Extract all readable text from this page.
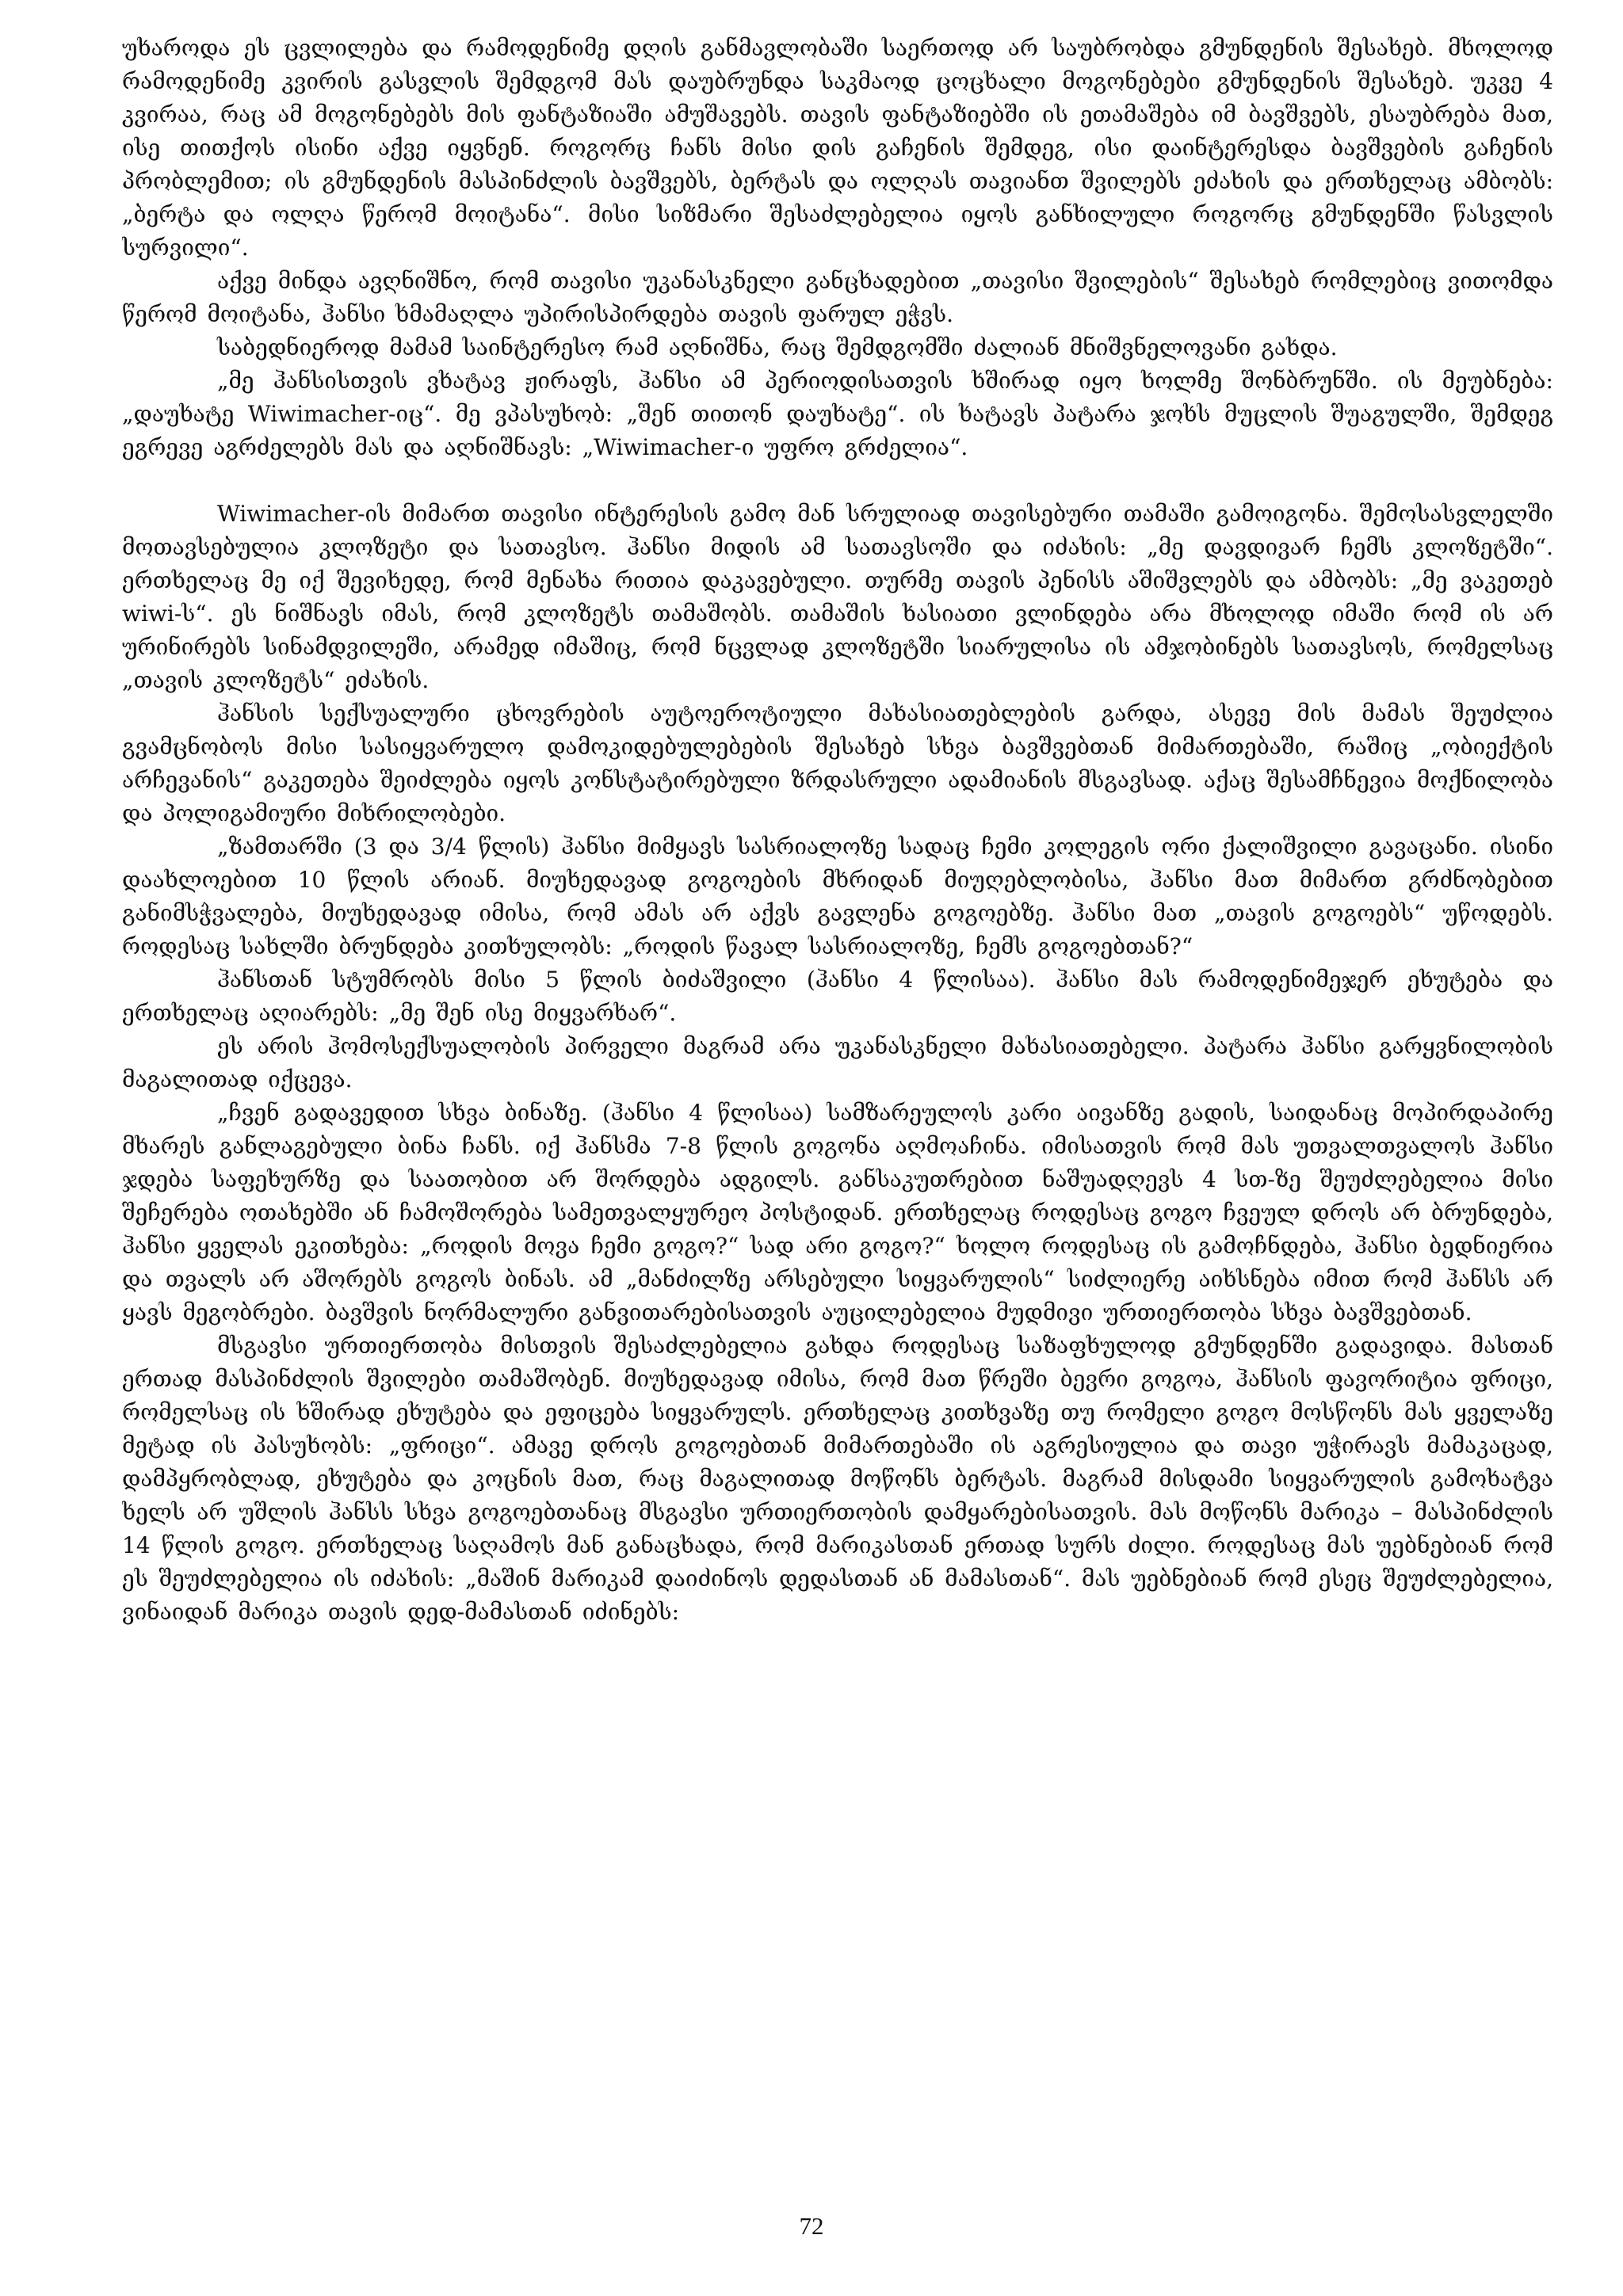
უხაროდა ეს ცვლილება და რამოდენიმე დღის განმავლობაში საერთოდ არ საუბრობდა გმუნდენის შესახებ. მხოლოდ რამოდენიმე კვირის გასვლის შემდგომ მას დაუბრუნდა საკმაოდ ცოცხალი მოგონებები გმუნდენის შესახებ. უკვე 4 კვირაა, რაც ამ მოგონებებს მის ფანტაზიაში ამუშავებს. თავის ფანტაზიებში ის ეთამაშება იმ ბავშვებს, ესაუბრება მათ, ისე თითქოს ისინი აქვე იყვნენ. როგორც ჩანს მისი დის გაჩენის შემდეგ, ისი დაინტერესდა ბავშვების გაჩენის პრობლემით; ის გმუნდენის მასპინძლის ბავშვებს, ბერტას და ოლღას თავიანთ შვილებს ეძახის და ერთხელაც ამბობს: „ბერტა და ოლღა წერომ მოიტანა“. მისი სიზმარი შესაძლებელია იყოს განხილული როგორც გმუნდენში წასვლის სურვილი“.

აქვე მინდა ავღნიშნო, რომ თავისი უკანასკნელი განცხადებით „თავისი შვილების“ შესახებ რომლებიც ვითომდა წერომ მოიტანა, ჰანსი ხმამაღლა უპირისპირდება თავის ფარულ ეჭვს.

საბედნიეროდ მამამ საინტერესო რამ აღნიშნა, რაც შემდგომში ძალიან მნიშვნელოვანი გახდა.

„მე ჰანსისთვის ვხატავ ჟირაფს, ჰანსი ამ პერიოდისათვის ხშირად იყო ხოლმე შონბრუნში. ის მეუბნება: „დაუხატე Wiwimacher-იც“. მე ვპასუხობ: „შენ თითონ დაუხატე“. ის ხატავს პატარა ჯოხს მუცლის შუაგულში, შემდეგ ეგრევე აგრძელებს მას და აღნიშნავს: „Wiwimacher-ი უფრო გრძელია“.

Wiwimacher-ის მიმართ თავისი ინტერესის გამო მან სრულიად თავისებური თამაში გამოიგონა. შემოსასვლელში მოთავსებულია კლოზეტი და სათავსო. ჰანსი მიდის ამ სათავსოში და იძახის: „მე დავდივარ ჩემს კლოზეტში“. ერთხელაც მე იქ შევიხედე, რომ მენახა რითია დაკავებული. თურმე თავის პენისს აშიშვლებს და ამბობს: „მე ვაკეთებ wiwi-ს“. ეს ნიშნავს იმას, რომ კლოზეტს თამაშობს. თამაშის ხასიათი ვლინდება არა მხოლოდ იმაში რომ ის არ ურინირებს სინამდვილეში, არამედ იმაშიც, რომ ნცვლად კლოზეტში სიარულისა ის ამჯობინებს სათავსოს, რომელსაც „თავის კლოზეტს“ ეძახის.

ჰანსის სექსუალური ცხოვრების აუტოეროტიული მახასიათებლების გარდა, ასევე მის მამას შეუძლია გვამცნობოს მისი სასიყვარულო დამოკიდებულებების შესახებ სხვა ბავშვებთან მიმართებაში, რაშიც „ობიექტის არჩევანის“ გაკეთება შეიძლება იყოს კონსტატირებული ზრდასრული ადამიანის მსგავსად. აქაც შესამჩნევია მოქნილობა და პოლიგამიური მიხრილობები.

„ზამთარში (3 და 3/4 წლის) ჰანსი მიმყავს სასრიალოზე სადაც ჩემი კოლეგის ორი ქალიშვილი გავაცანი. ისინი დაახლოებით 10 წლის არიან. მიუხედავად გოგოების მხრიდან მიუღებლობისა, ჰანსი მათ მიმართ გრძნობებით განიმსჭვალება, მიუხედავად იმისა, რომ ამას არ აქვს გავლენა გოგოებზე. ჰანსი მათ „თავის გოგოებს“ უწოდებს. როდესაც სახლში ბრუნდება კითხულობს: „როდის წავალ სასრიალოზე, ჩემს გოგოებთან?“

ჰანსთან სტუმრობს მისი 5 წლის ბიძაშვილი (ჰანსი 4 წლისაა). ჰანსი მას რამოდენიმეჯერ ეხუტება და ერთხელაც აღიარებს: „მე შენ ისე მიყვარხარ“.

ეს არის ჰომოსექსუალობის პირველი მაგრამ არა უკანასკნელი მახასიათებელი. პატარა ჰანსი გარყვნილობის მაგალითად იქცევა.

„ჩვენ გადავედით სხვა ბინაზე. (ჰანსი 4 წლისაა) სამზარეულოს კარი აივანზე გადის, საიდანაც მოპირდაპირე მხარეს განლაგებული ბინა ჩანს. იქ ჰანსმა 7-8 წლის გოგონა აღმოაჩინა. იმისათვის რომ მას უთვალთვალოს ჰანსი ჯდება საფეხურზე და საათობით არ შორდება ადგილს. განსაკუთრებით ნაშუადღევს 4 სთ-ზე შეუძლებელია მისი შეჩერება ოთახებში ან ჩამოშორება სამეთვალყურეო პოსტიდან. ერთხელაც როდესაც გოგო ჩვეულ დროს არ ბრუნდება, ჰანსი ყველას ეკითხება: „როდის მოვა ჩემი გოგო?“ სად არი გოგო?“ ხოლო როდესაც ის გამოჩნდება, ჰანსი ბედნიერია და თვალს არ აშორებს გოგოს ბინას. ამ „მანძილზე არსებული სიყვარულის“ სიძლიერე აიხსნება იმით რომ ჰანსს არ ყავს მეგობრები. ბავშვის ნორმალური განვითარებისათვის აუცილებელია მუდმივი ურთიერთობა სხვა ბავშვებთან.

მსგავსი ურთიერთობა მისთვის შესაძლებელია გახდა როდესაც საზაფხულოდ გმუნდენში გადავიდა. მასთან ერთად მასპინძლის შვილები თამაშობენ. მიუხედავად იმისა, რომ მათ წრეში ბევრი გოგოა, ჰანსის ფავორიტია ფრიცი, რომელსაც ის ხშირად ეხუტება და ეფიცება სიყვარულს. ერთხელაც კითხვაზე თუ რომელი გოგო მოსწონს მას ყველაზე მეტად ის პასუხობს: „ფრიცი“. ამავე დროს გოგოებთან მიმართებაში ის აგრესიულია და თავი უჭირავს მამაკაცად, დამპყრობლად, ეხუტება და კოცნის მათ, რაც მაგალითად მოწონს ბერტას. მაგრამ მისდამი სიყვარულის გამოხატვა ხელს არ უშლის ჰანსს სხვა გოგოებთანაც მსგავსი ურთიერთობის დამყარებისათვის. მას მოწონს მარიკა – მასპინძლის 14 წლის გოგო. ერთხელაც საღამოს მან განაცხადა, რომ მარიკასთან ერთად სურს ძილი. როდესაც მას უებნებიან რომ ეს შეუძლებელია ის იძახის: „მაშინ მარიკამ დაიძინოს დედასთან ან მამასთან“. მას უებნებიან რომ ესეც შეუძლებელია, ვინაიდან მარიკა თავის დედ-მამასთან იძინებს:

72
